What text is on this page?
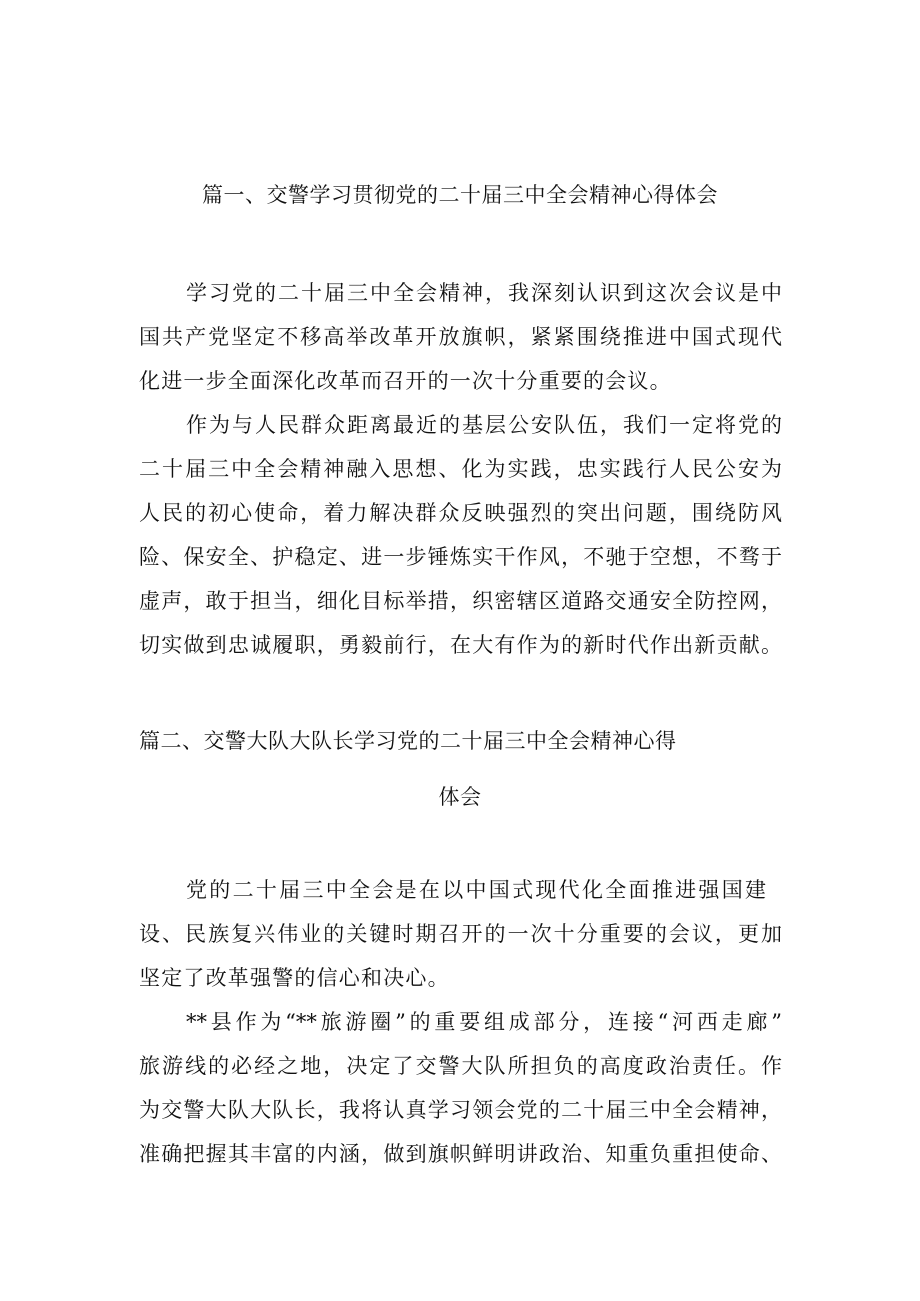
篇一、交警学习贯彻党的二十届三中全会精神心得体会
学习党的二十届三中全会精神，我深刻认识到这次会议是中
国共产党坚定不移高举改革开放旗帜，紧紧围绕推进中国式现代
化进一步全面深化改革而召开的一次十分重要的会议。
作为与人民群众距离最近的基层公安队伍，我们一定将党的
二十届三中全会精神融入思想、化为实践，忠实践行人民公安为
人民的初心使命，着力解决群众反映强烈的突出问题，围绕防风
险、保安全、护稳定、进一步锤炼实干作风，不驰于空想，不骛于
虚声，敢于担当，细化目标举措，织密辖区道路交通安全防控网，
切实做到忠诚履职，勇毅前行，在大有作为的新时代作出新贡献。
篇二、交警大队大队长学习党的二十届三中全会精神心得
体会
党的二十届三中全会是在以中国式现代化全面推进强国建
设、民族复兴伟业的关键时期召开的一次十分重要的会议，更加
坚定了改革强警的信心和决心。
**县作为“**旅游圈”的重要组成部分，连接“河西走廊”
旅游线的必经之地，决定了交警大队所担负的高度政治责任。作
为交警大队大队长，我将认真学习领会党的二十届三中全会精神，
准确把握其丰富的内涵，做到旗帜鲜明讲政治、知重负重担使命、
